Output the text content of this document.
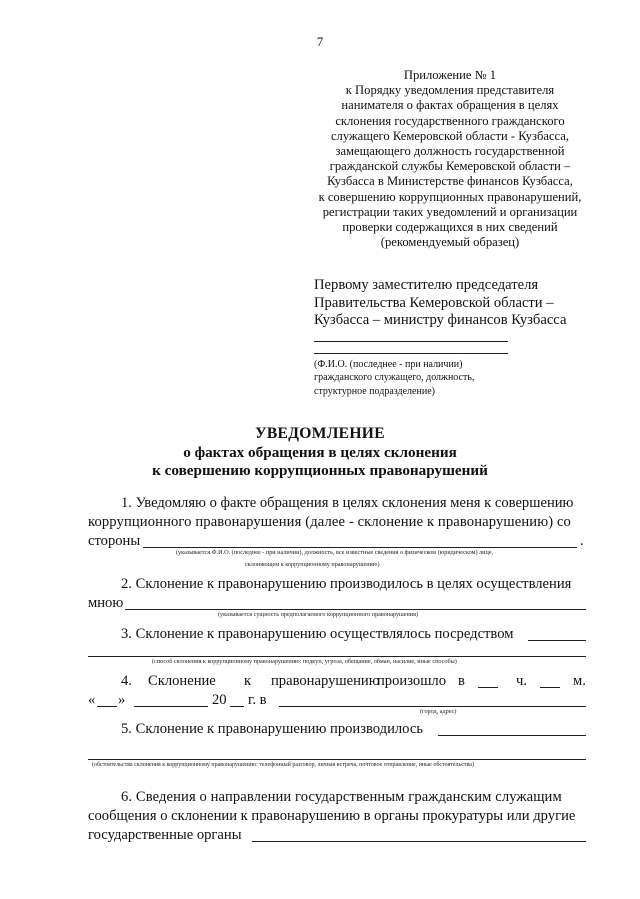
7
Приложение № 1
к Порядку уведомления представителя
нанимателя о фактах обращения в целях
склонения государственного гражданского
служащего Кемеровской области - Кузбасса,
замещающего должность государственной
гражданской службы Кемеровской области –
Кузбасса в Министерстве финансов Кузбасса,
к совершению коррупционных правонарушений,
регистрации таких уведомлений и организации
проверки содержащихся в них сведений
(рекомендуемый образец)
Первому заместителю председателя
Правительства Кемеровской области –
Кузбасса – министру финансов Кузбасса
(Ф.И.О. (последнее - при наличии)
гражданского служащего, должность,
структурное подразделение)
УВЕДОМЛЕНИЕ
о фактах обращения в целях склонения
к совершению коррупционных правонарушений
1. Уведомляю о факте обращения в целях склонения меня к совершению
коррупционного правонарушения (далее - склонение к правонарушению) со
стороны	.
(указывается Ф.И.О. (последнее - при наличии), должность, все известные сведения о физическом (юридическом) лице,
склоняющем к коррупционному правонарушению)
2. Склонение к правонарушению производилось в целях осуществления
мною
(указывается сущность предполагаемого коррупционного правонарушения)
3. Склонение к правонарушению осуществлялось посредством
(способ склонения к коррупционному правонарушению: подкуп, угроза, обещание, обман, насилие, иные способы)
4. Склонение к правонарушению
произошло в	ч.	м.
« »	20 г. в
(город, адрес)
5. Склонение к правонарушению производилось
(обстоятельства склонения к коррупционному правонарушению: телефонный разговор, личная встреча, почтовое отправление, иные обстоятельства)
6. Сведения о направлении государственным гражданским служащим
сообщения о склонении к правонарушению в органы прокуратуры или другие
государственные органы
